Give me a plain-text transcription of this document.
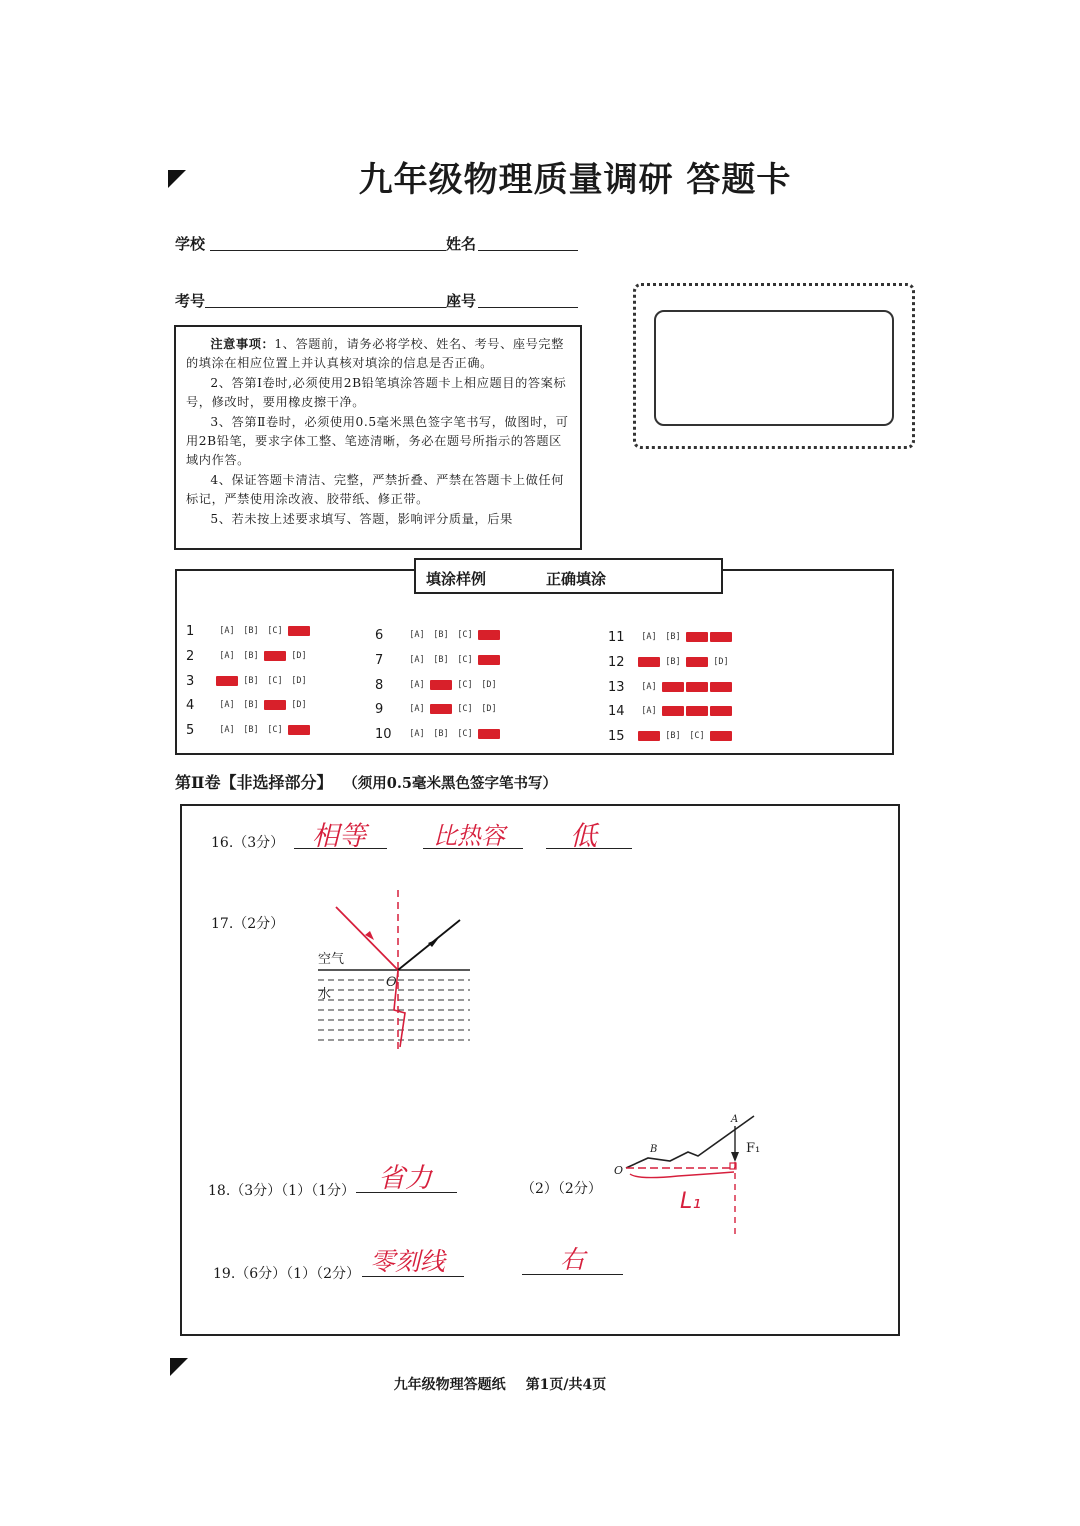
九年级物理质量调研 答题卡
学校	姓名
考号	座号

注意事项：1、答题前，请务必将学校、姓名、考号、座号完整的填涂在相应位置上并认真核对填涂的信息是否正确。

2、答第Ⅰ卷时,必须使用2B铅笔填涂答题卡上相应题目的答案标号，修改时，要用橡皮擦干净。

3、答第Ⅱ卷时，必须使用0.5毫米黑色签字笔书写，做图时，可用2B铅笔，要求字体工整、笔迹清晰，务必在题号所指示的答题区域内作答。

4、保证答题卡清洁、完整，严禁折叠、严禁在答题卡上做任何标记，严禁使用涂改液、胶带纸、修正带。

5、若未按上述要求填写、答题，影响评分质量，后果

填涂样例	正确填涂
1	[A] [B] [C]
2	[A] [B]	[D]
3	[B] [C] [D]
4	[A] [B]	[D]
5	[A] [B] [C]
6	[A] [B] [C]
7	[A] [B] [C]
8	[A]	[C] [D]
9	[A]	[C] [D]
10	[A] [B] [C]
11	[A] [B]
12	[B]	[D]
13	[A]
14	[A]
15	[B] [C]
第Ⅱ卷【非选择部分】 （须用0.5毫米黑色签字笔书写）
16.（3分） 相等	比热容 低
17.（2分）
空气
水
O
18.（3分）（1）（1分） 省力	（2）（2分）
O
B
A
F₁
L₁
19.（6分）（1）（2分） 零刻线	右
九年级物理答题纸 第1页/共4页
